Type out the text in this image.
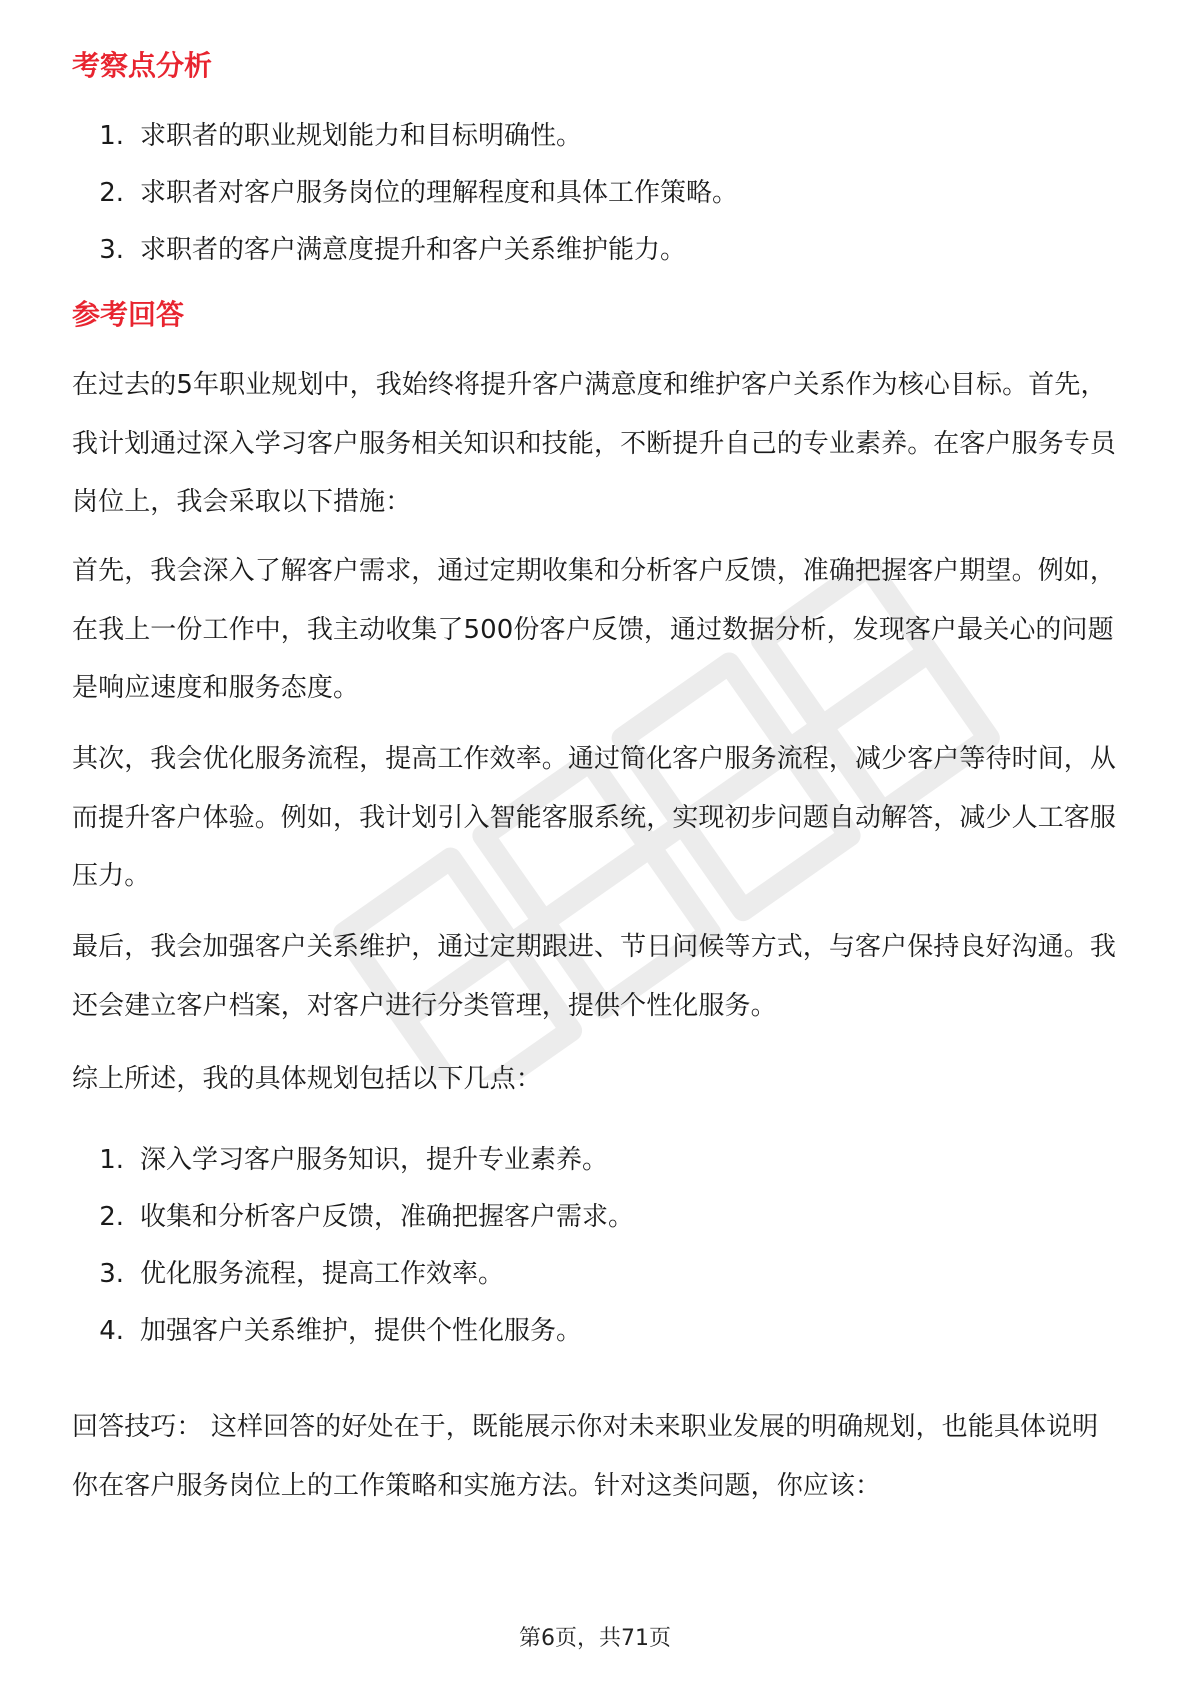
考察点分析
1. 求职者的职业规划能力和目标明确性。
2. 求职者对客户服务岗位的理解程度和具体工作策略。
3. 求职者的客户满意度提升和客户关系维护能力。
参考回答

在过去的5年职业规划中，我始终将提升客户满意度和维护客户关系作为核心目标。首先，我计划通过深入学习客户服务相关知识和技能，不断提升自己的专业素养。在客户服务专员岗位上，我会采取以下措施：

首先，我会深入了解客户需求，通过定期收集和分析客户反馈，准确把握客户期望。例如，在我上一份工作中，我主动收集了500份客户反馈，通过数据分析，发现客户最关心的问题是响应速度和服务态度。

其次，我会优化服务流程，提高工作效率。通过简化客户服务流程，减少客户等待时间，从而提升客户体验。例如，我计划引入智能客服系统，实现初步问题自动解答，减少人工客服压力。

最后，我会加强客户关系维护，通过定期跟进、节日问候等方式，与客户保持良好沟通。我还会建立客户档案，对客户进行分类管理，提供个性化服务。

综上所述，我的具体规划包括以下几点：

1. 深入学习客户服务知识，提升专业素养。
2. 收集和分析客户反馈，准确把握客户需求。
3. 优化服务流程，提高工作效率。
4. 加强客户关系维护，提供个性化服务。

回答技巧： 这样回答的好处在于，既能展示你对未来职业发展的明确规划，也能具体说明你在客户服务岗位上的工作策略和实施方法。针对这类问题，你应该：

第6页，共71页
